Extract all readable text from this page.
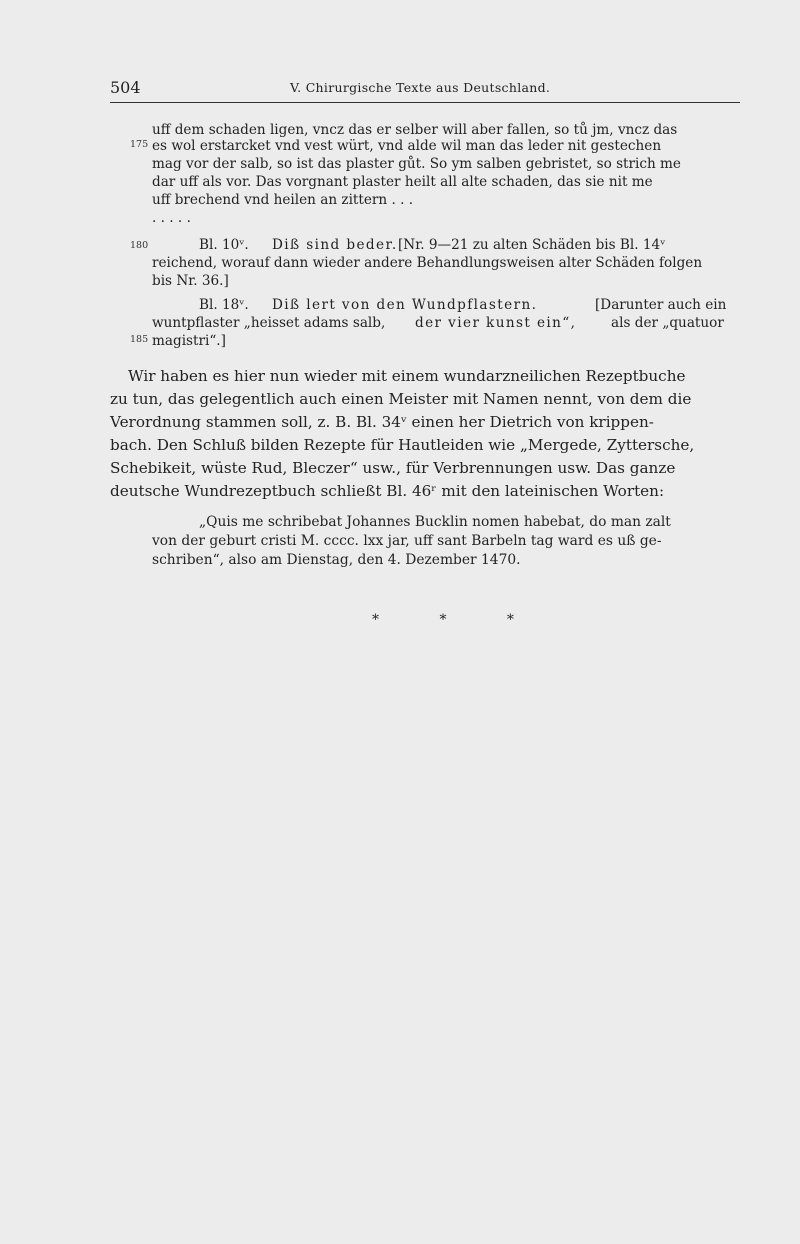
504	V. Chirurgische Texte aus Deutschland.
uff dem schaden ligen, vncz das er selber will aber fallen, so tů jm, vncz das
175 es wol erstarcket vnd vest würt, vnd alde wil man das leder nit gestechen
mag vor der salb, so ist das plaster gůt. So ym salben gebristet, so strich me
dar uff als vor. Das vorgnant plaster heilt all alte schaden, das sie nit me
uff brechend vnd heilen an zittern . . .
. . . . .
180	Bl. 10ᵛ. Diß sind beder. [Nr. 9—21 zu alten Schäden bis Bl. 14ᵛ
reichend, worauf dann wieder andere Behandlungsweisen alter Schäden folgen
bis Nr. 36.]
Bl. 18ᵛ. Diß lert von den Wundpflastern.	[Darunter auch ein
wuntpflaster „heisset adams salb, der vier kunst ein“,	als der „quatuor
185 magistri“.]
Wir haben es hier nun wieder mit einem wundarzneilichen Rezeptbuche
zu tun, das gelegentlich auch einen Meister mit Namen nennt, von dem die
Verordnung stammen soll, z. B. Bl. 34ᵛ einen her Dietrich von krippen-
bach. Den Schluß bilden Rezepte für Hautleiden wie „Mergede, Zyttersche,
Schebikeit, wüste Rud, Bleczer“ usw., für Verbrennungen usw. Das ganze
deutsche Wundrezeptbuch schließt Bl. 46ʳ mit den lateinischen Worten:
„Quis me schribebat Johannes Bucklin nomen habebat, do man zalt
von der geburt cristi M. cccc. lxx jar, uff sant Barbeln tag ward es uß ge-
schriben“, also am Dienstag, den 4. Dezember 1470.
* * *
